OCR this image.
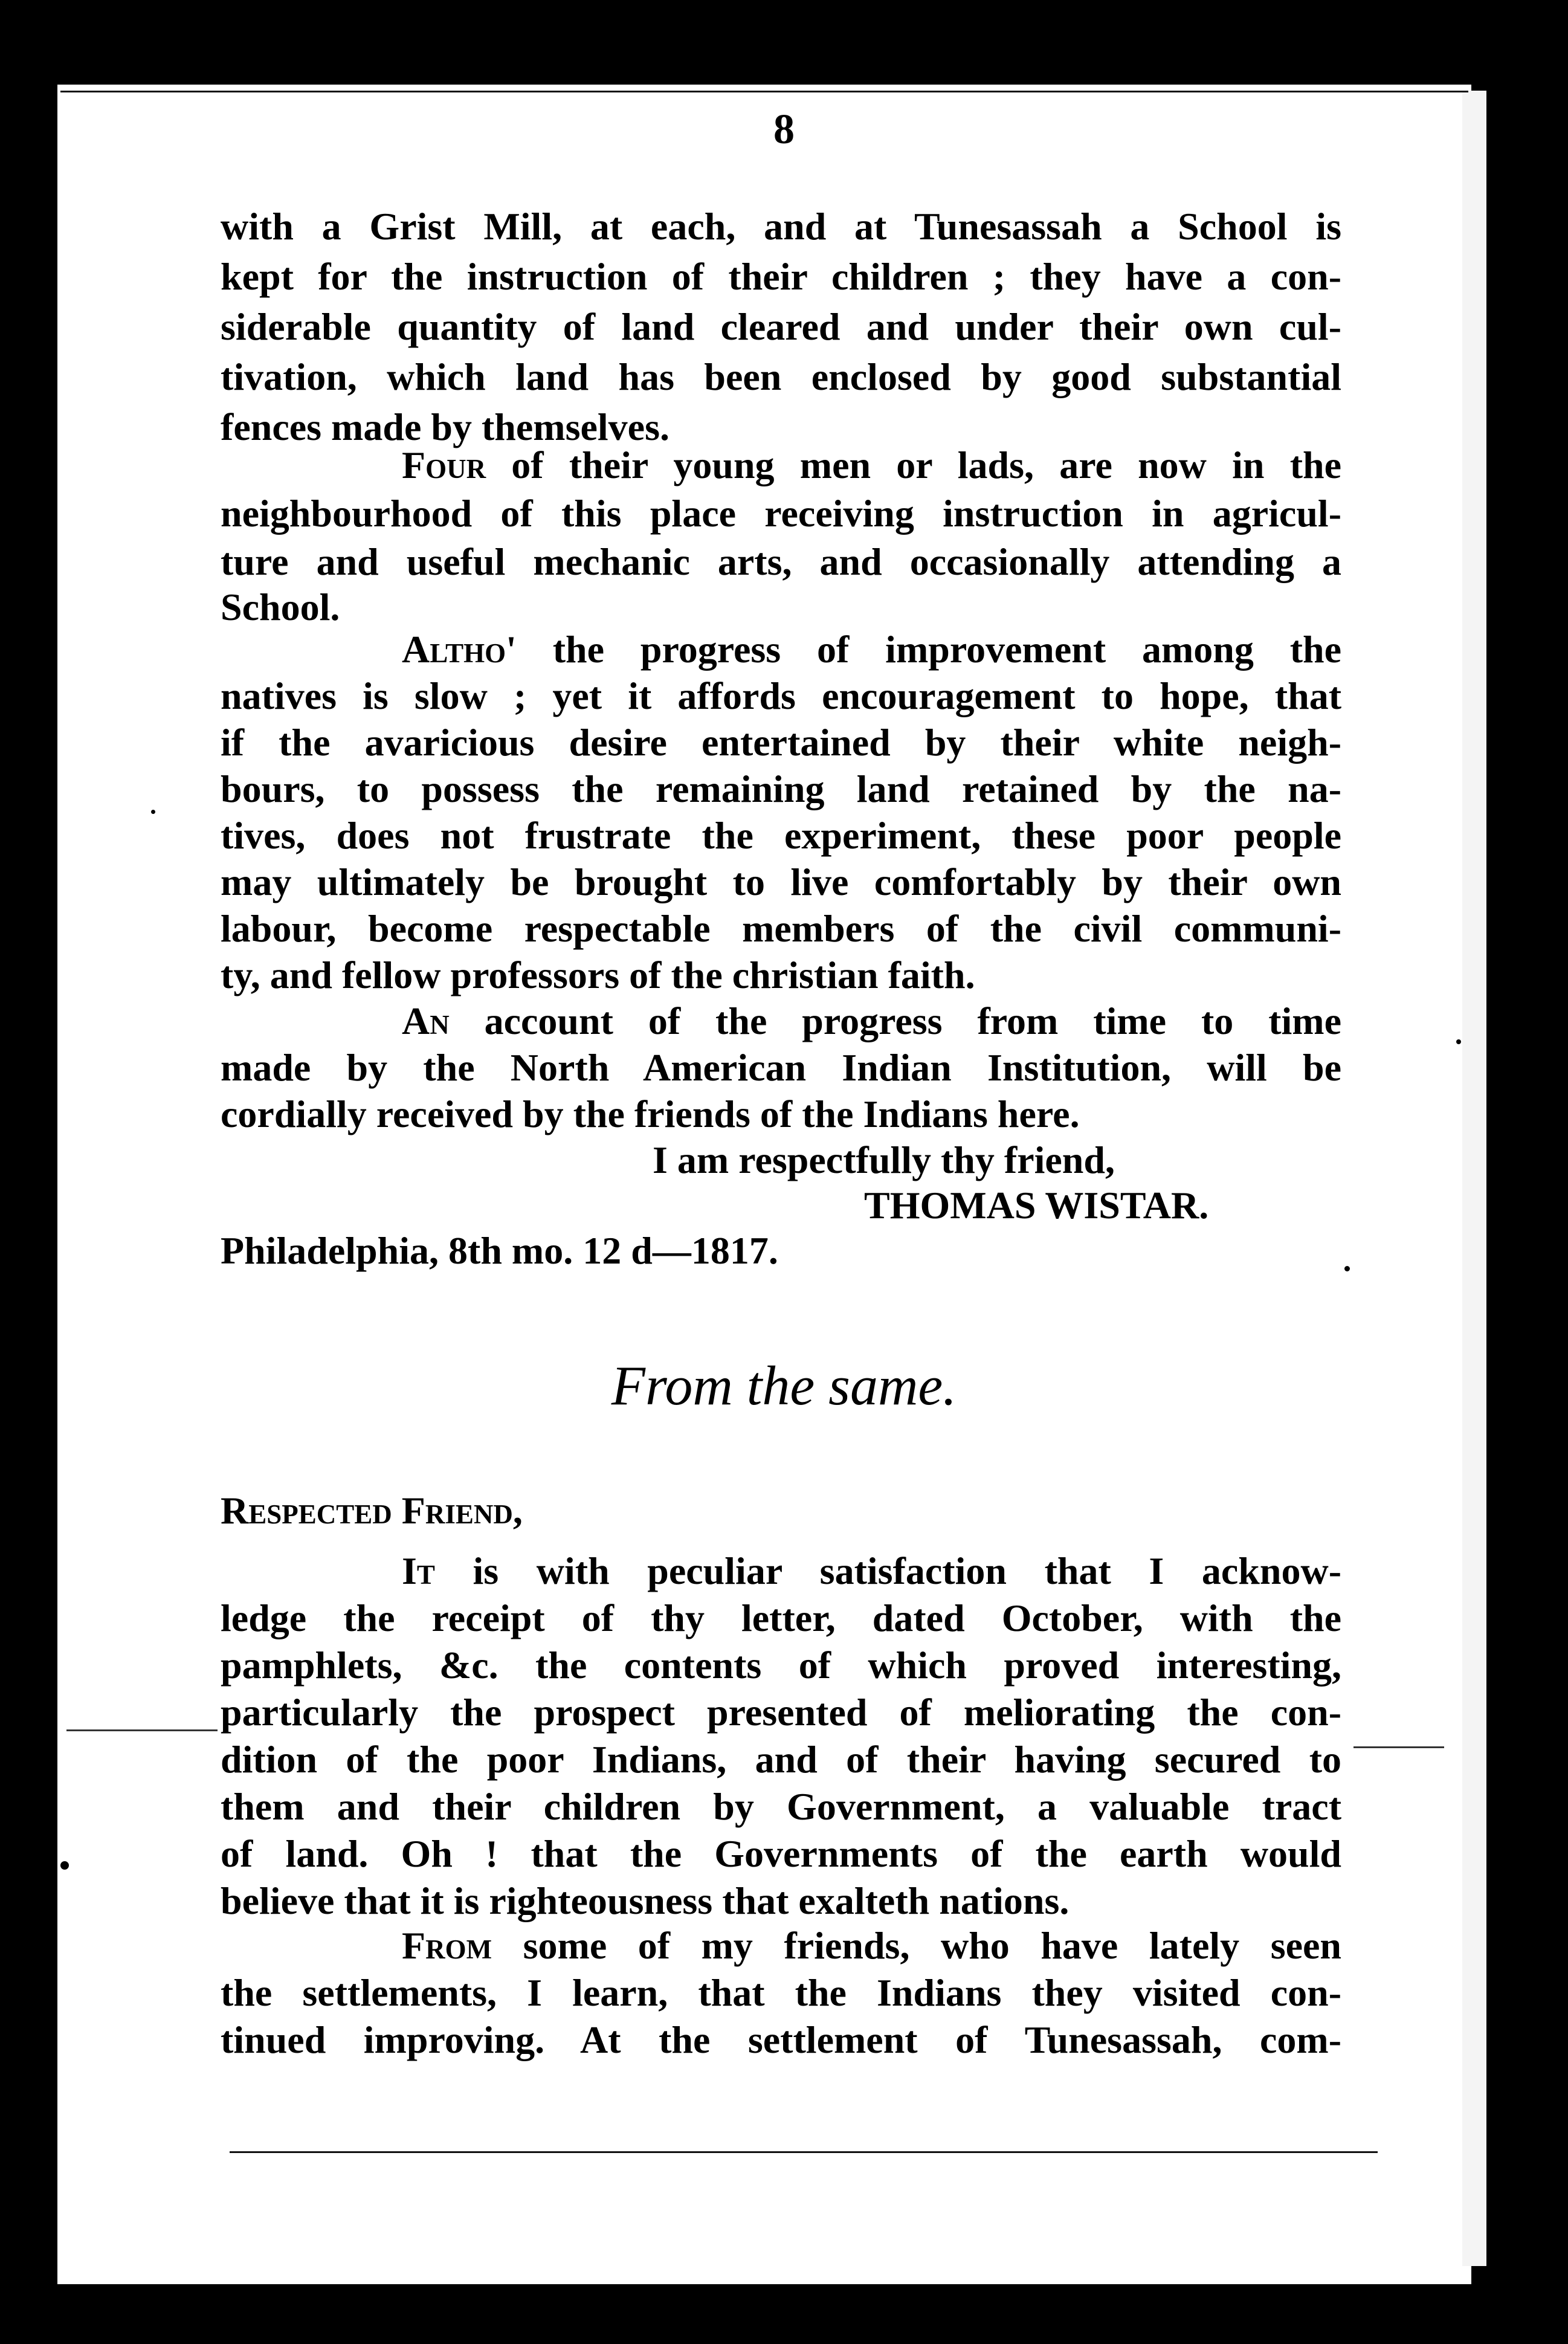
8
with a Grist Mill, at each, and at Tunesassah a School is
kept for the instruction of their children ; they have a con-
siderable quantity of land cleared and under their own cul-
tivation, which land has been enclosed by good substantial
fences made by themselves.
Four of their young men or lads, are now in the
neighbourhood of this place receiving instruction in agricul-
ture and useful mechanic arts, and occasionally attending a
School.
Altho' the progress of improvement among the
natives is slow ; yet it affords encouragement to hope, that
if the avaricious desire entertained by their white neigh-
bours, to possess the remaining land retained by the na-
tives, does not frustrate the experiment, these poor people
may ultimately be brought to live comfortably by their own
labour, become respectable members of the civil communi-
ty, and fellow professors of the christian faith.
An account of the progress from time to time
made by the North American Indian Institution, will be
cordially received by the friends of the Indians here.
I am respectfully thy friend,
THOMAS WISTAR.
Philadelphia, 8th mo. 12 d—1817.
From the same.
Respected Friend,
It is with peculiar satisfaction that I acknow-
ledge the receipt of thy letter, dated October, with the
pamphlets, &c. the contents of which proved interesting,
particularly the prospect presented of meliorating the con-
dition of the poor Indians, and of their having secured to
them and their children by Government, a valuable tract
of land. Oh ! that the Governments of the earth would
believe that it is righteousness that exalteth nations.
From some of my friends, who have lately seen
the settlements, I learn, that the Indians they visited con-
tinued improving. At the settlement of Tunesassah, com-
